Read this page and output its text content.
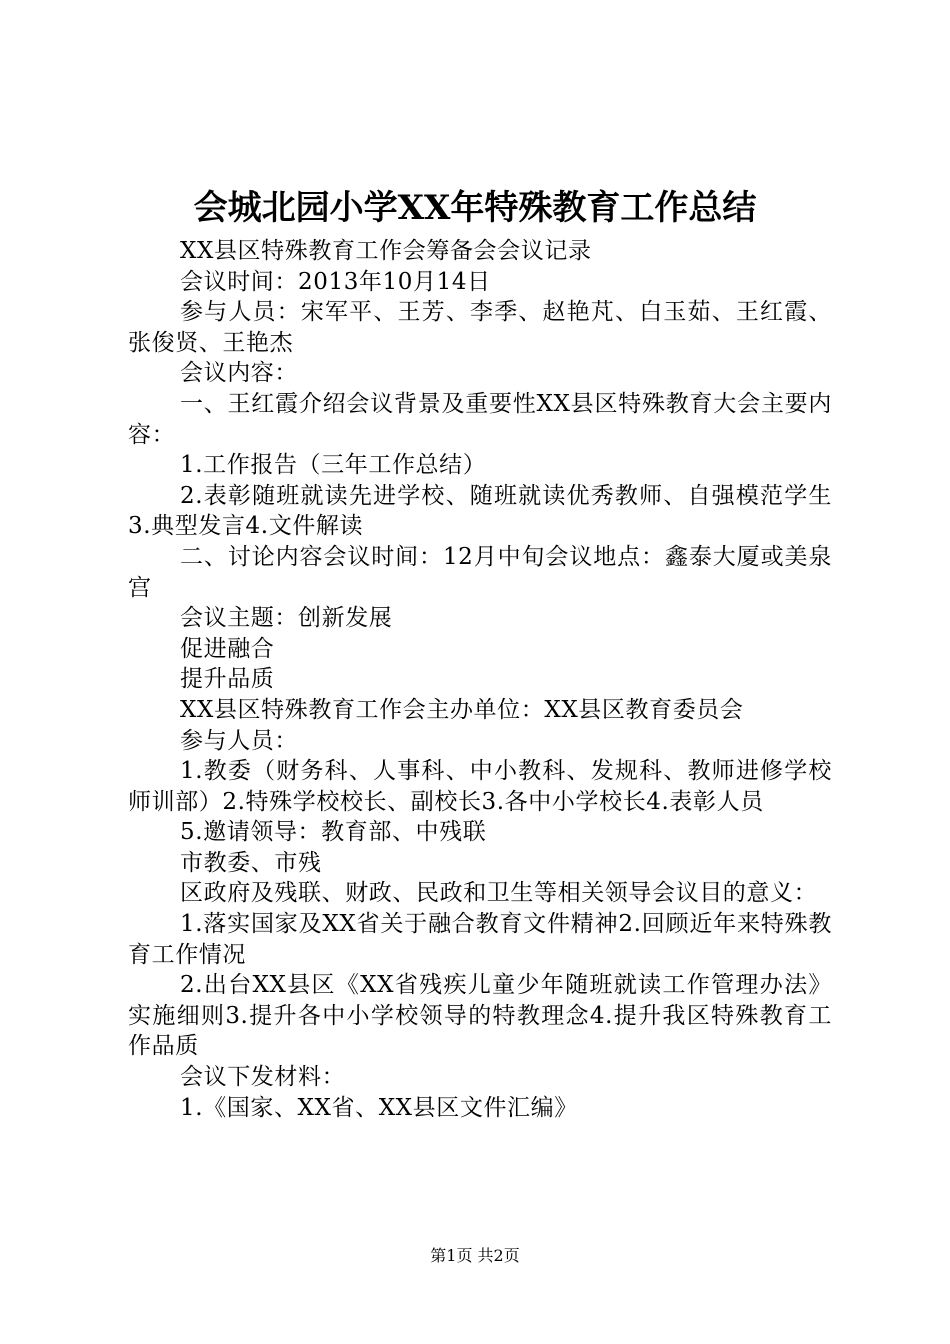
会城北园小学XX年特殊教育工作总结

XX县区特殊教育工作会筹备会会议记录

会议时间：2013年10月14日

参与人员：宋军平、王芳、李季、赵艳芃、白玉茹、王红霞、张俊贤、王艳杰

会议内容：

一、王红霞介绍会议背景及重要性XX县区特殊教育大会主要内容：

1.工作报告（三年工作总结）

2.表彰随班就读先进学校、随班就读优秀教师、自强模范学生3.典型发言4.文件解读

二、讨论内容会议时间：12月中旬会议地点：鑫泰大厦或美泉宫

会议主题：创新发展

促进融合

提升品质

XX县区特殊教育工作会主办单位：XX县区教育委员会

参与人员：

1.教委（财务科、人事科、中小教科、发规科、教师进修学校师训部）2.特殊学校校长、副校长3.各中小学校长4.表彰人员

5.邀请领导：教育部、中残联

市教委、市残

区政府及残联、财政、民政和卫生等相关领导会议目的意义：

1.落实国家及XX省关于融合教育文件精神2.回顾近年来特殊教育工作情况

2.出台XX县区《XX省残疾儿童少年随班就读工作管理办法》实施细则3.提升各中小学校领导的特教理念4.提升我区特殊教育工作品质

会议下发材料：

1.《国家、XX省、XX县区文件汇编》

第1页 共2页
